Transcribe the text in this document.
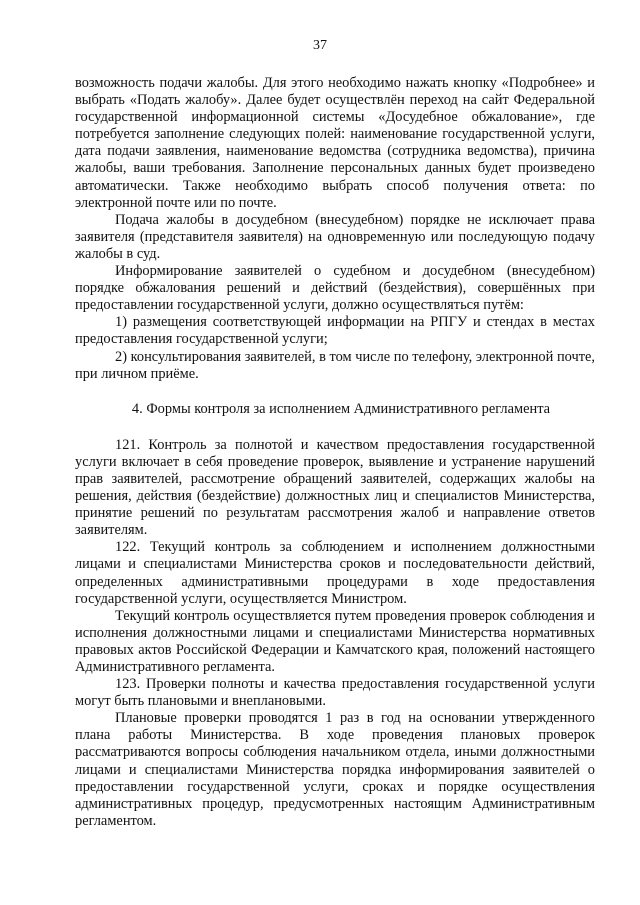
37

возможность подачи жалобы. Для этого необходимо нажать кнопку «Подробнее» и выбрать «Подать жалобу». Далее будет осуществлён переход на сайт Федеральной государственной информационной системы «Досудебное обжалование», где потребуется заполнение следующих полей: наименование государственной услуги, дата подачи заявления, наименование ведомства (сотрудника ведомства), причина жалобы, ваши требования. Заполнение персональных данных будет произведено автоматически. Также необходимо выбрать способ получения ответа: по электронной почте или по почте.

Подача жалобы в досудебном (внесудебном) порядке не исключает права заявителя (представителя заявителя) на одновременную или последующую подачу жалобы в суд.

Информирование заявителей о судебном и досудебном (внесудебном) порядке обжалования решений и действий (бездействия), совершённых при предоставлении государственной услуги, должно осуществляться путём:

1) размещения соответствующей информации на РПГУ и стендах в местах предоставления государственной услуги;

2) консультирования заявителей, в том числе по телефону, электронной почте, при личном приёме.

4. Формы контроля за исполнением Административного регламента

121. Контроль за полнотой и качеством предоставления государственной услуги включает в себя проведение проверок, выявление и устранение нарушений прав заявителей, рассмотрение обращений заявителей, содержащих жалобы на решения, действия (бездействие) должностных лиц и специалистов Министерства, принятие решений по результатам рассмотрения жалоб и направление ответов заявителям.

122. Текущий контроль за соблюдением и исполнением должностными лицами и специалистами Министерства сроков и последовательности действий, определенных административными процедурами в ходе предоставления государственной услуги, осуществляется Министром.

Текущий контроль осуществляется путем проведения проверок соблюдения и исполнения должностными лицами и специалистами Министерства нормативных правовых актов Российской Федерации и Камчатского края, положений настоящего Административного регламента.

123. Проверки полноты и качества предоставления государственной услуги могут быть плановыми и внеплановыми.

Плановые проверки проводятся 1 раз в год на основании утвержденного плана работы Министерства. В ходе проведения плановых проверок рассматриваются вопросы соблюдения начальником отдела, иными должностными лицами и специалистами Министерства порядка информирования заявителей о предоставлении государственной услуги, сроках и порядке осуществления административных процедур, предусмотренных настоящим Административным регламентом.
